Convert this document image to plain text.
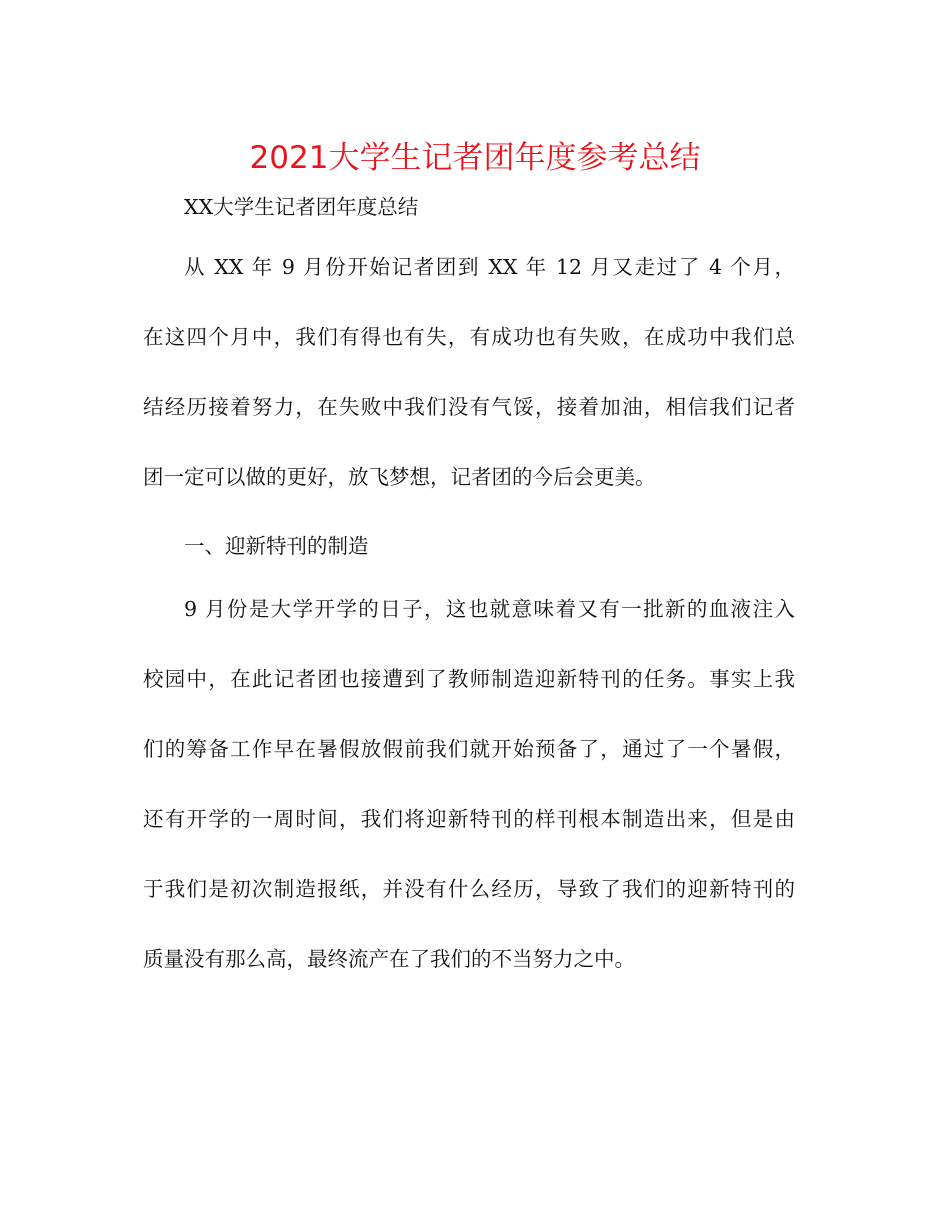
2021大学生记者团年度参考总结
XX大学生记者团年度总结
从 XX 年 9 月份开始记者团到 XX 年 12 月又走过了 4 个月，
在这四个月中，我们有得也有失，有成功也有失败，在成功中我们总
结经历接着努力，在失败中我们没有气馁，接着加油，相信我们记者
团一定可以做的更好，放飞梦想，记者团的今后会更美。
一、迎新特刊的制造
9 月份是大学开学的日子，这也就意味着又有一批新的血液注入
校园中，在此记者团也接遭到了教师制造迎新特刊的任务。事实上我
们的筹备工作早在暑假放假前我们就开始预备了，通过了一个暑假，
还有开学的一周时间，我们将迎新特刊的样刊根本制造出来，但是由
于我们是初次制造报纸，并没有什么经历，导致了我们的迎新特刊的
质量没有那么高，最终流产在了我们的不当努力之中。
